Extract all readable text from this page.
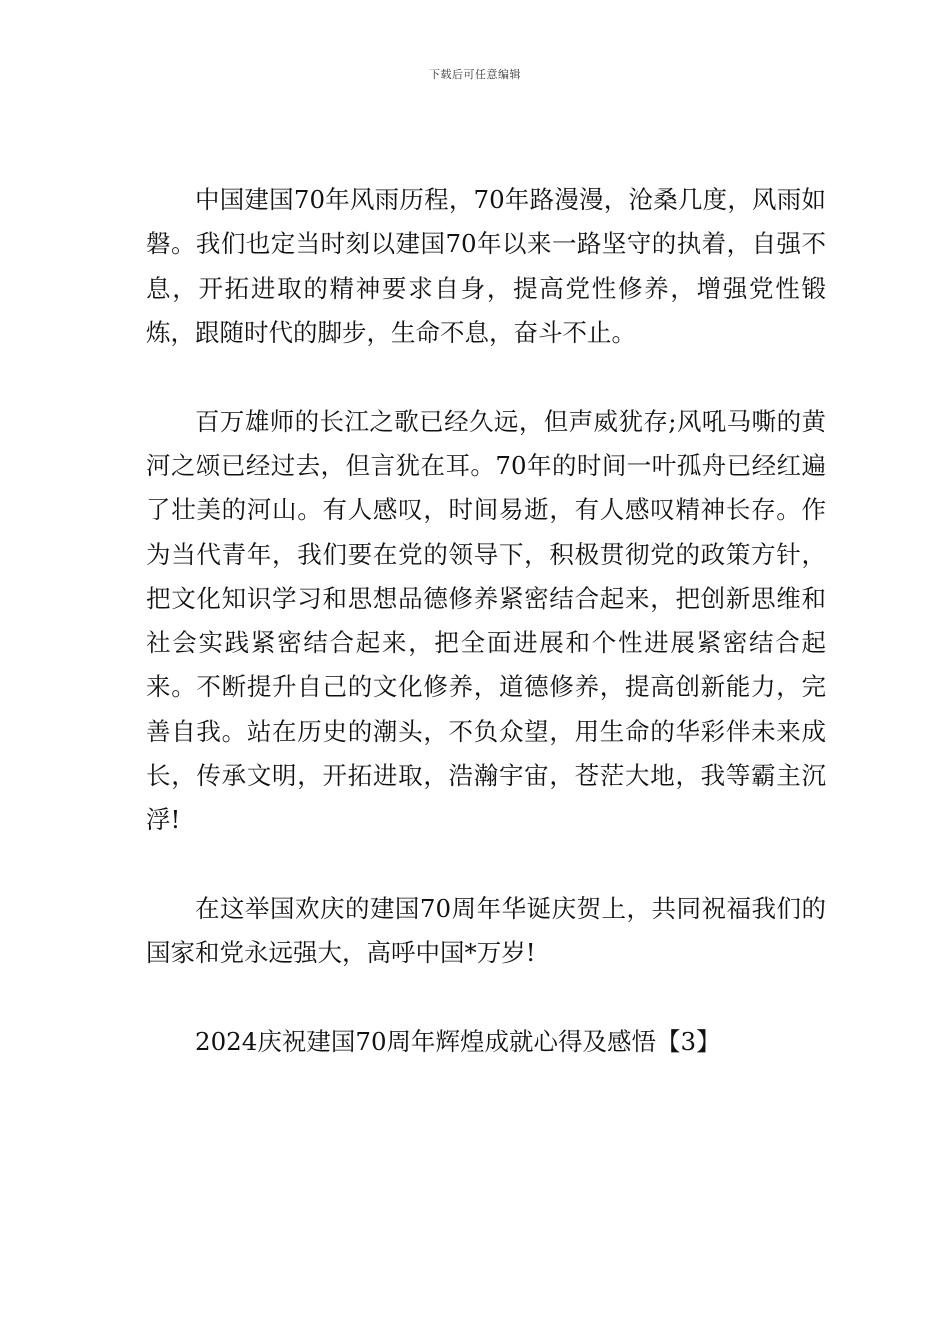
下载后可任意编辑

中国建国70年风雨历程，70年路漫漫，沧桑几度，风雨如磐。我们也定当时刻以建国70年以来一路坚守的执着，自强不息，开拓进取的精神要求自身，提高党性修养，增强党性锻炼，跟随时代的脚步，生命不息，奋斗不止。

百万雄师的长江之歌已经久远，但声威犹存;风吼马嘶的黄河之颂已经过去，但言犹在耳。70年的时间一叶孤舟已经红遍了壮美的河山。有人感叹，时间易逝，有人感叹精神长存。作为当代青年，我们要在党的领导下，积极贯彻党的政策方针，把文化知识学习和思想品德修养紧密结合起来，把创新思维和社会实践紧密结合起来，把全面进展和个性进展紧密结合起来。不断提升自己的文化修养，道德修养，提高创新能力，完善自我。站在历史的潮头，不负众望，用生命的华彩伴未来成长，传承文明，开拓进取，浩瀚宇宙，苍茫大地，我等霸主沉浮!

在这举国欢庆的建国70周年华诞庆贺上，共同祝福我们的国家和党永远强大，高呼中国*万岁!

2024庆祝建国70周年辉煌成就心得及感悟【3】
